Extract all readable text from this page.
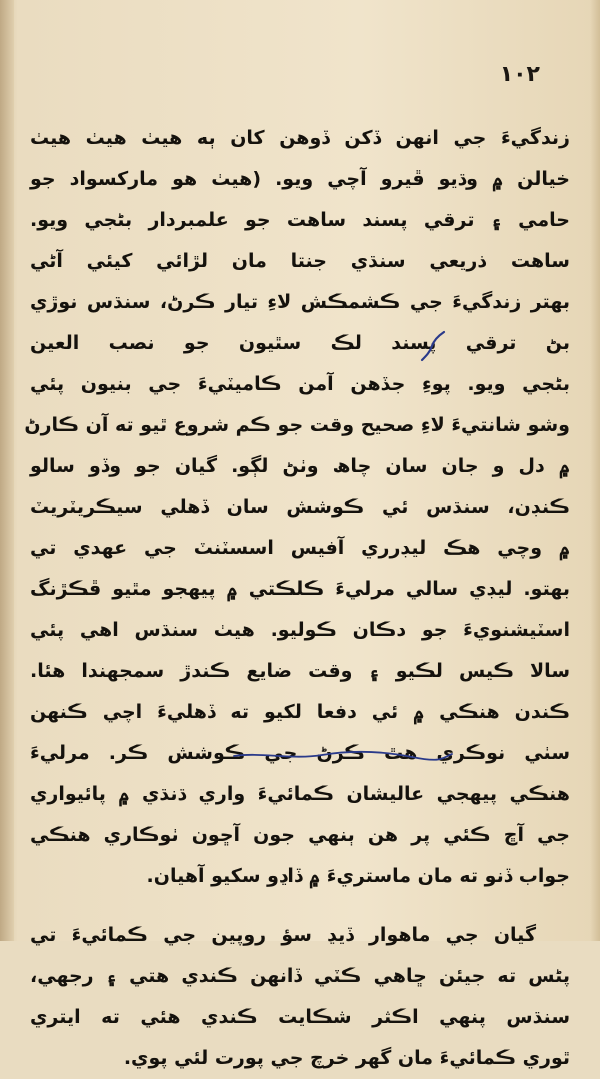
١٠٢
زندگيءَ جي انهن ڏکن ڏوھن کان ٻه ھيٺ ھيٺ ھيٺ
خيالن ۾ وڌيو ڦيرو آچي ويو. (ھيٺ ھو مارکسواد جو
حامي ۽ ترقي پسند ساھت جو علمبردار بڻجي ويو.
ساھت ذريعي سنڌي جنتا مان لڙائي کيئي آڻي
بهتر زندگيءَ جي ڪشمڪش لاءِ تيار ڪرڻ، سنڌس نوڙي
بڻ ترقي پسند لڪ سٿيون جو نصب العين
بڻجي ويو. پوءِ جڏهن آمن ڪاميٽيءَ جي بنيون پئي
وشو شانتيءَ لاءِ صحيح وقت جو ڪم شروع ٿيو ته آن ڪارڻ
۾ دل و جان سان چاھ وٺڻ لڳو. گيان جو وڏو سالو
ڪنڊن، سنڌس ئي ڪوشش سان ڏھلي سيڪريٽريٽ
۾ وچي ھڪ ليڊرري آفيس اسسٽنٽ جي عهدي تي
بهتو. ليڊي سالي مرليءَ ڪلڪتي ۾ پيھجو مٿيو ڦڪڙنگ
اسٽيشنويءَ جو دڪان ڪوليو. ھيٺ سنڌس اھي پئي
سالا ڪيس لڪيو ۽ وقت ضايع ڪندڙ سمجهندا هئا.
ڪندن ھنڪي ۾ ئي دفعا لکيو ته ڏهليءَ اچي ڪنهن
سٺي نوڪري ھٿ ڪرڻ جي ڪوشش ڪر. مرليءَ
ھنڪي پيھجي عاليشان ڪمائيءَ واري ڌنڌي ۾ پائيواري
جي آڇ ڪئي پر ھن ٻنهي جون آڇون ٺوڪاري ھنڪي
جواب ڏنو ته مان ماستريءَ ۾ ڏاڍو سکيو آھيان.
گيان جي ماھوار ڏيڍ سؤ روپين جي ڪمائيءَ تي
پڻس ته جيئن ڇاھي ڪٽي ڏانهن ڪندي ھتي ۽ رجهي،
سنڌس پنهي اڪثر شڪايت ڪندي ھئي ته ايتري
ٿوري ڪمائيءَ مان گهر خرچ جي پورت لئي پوي.
